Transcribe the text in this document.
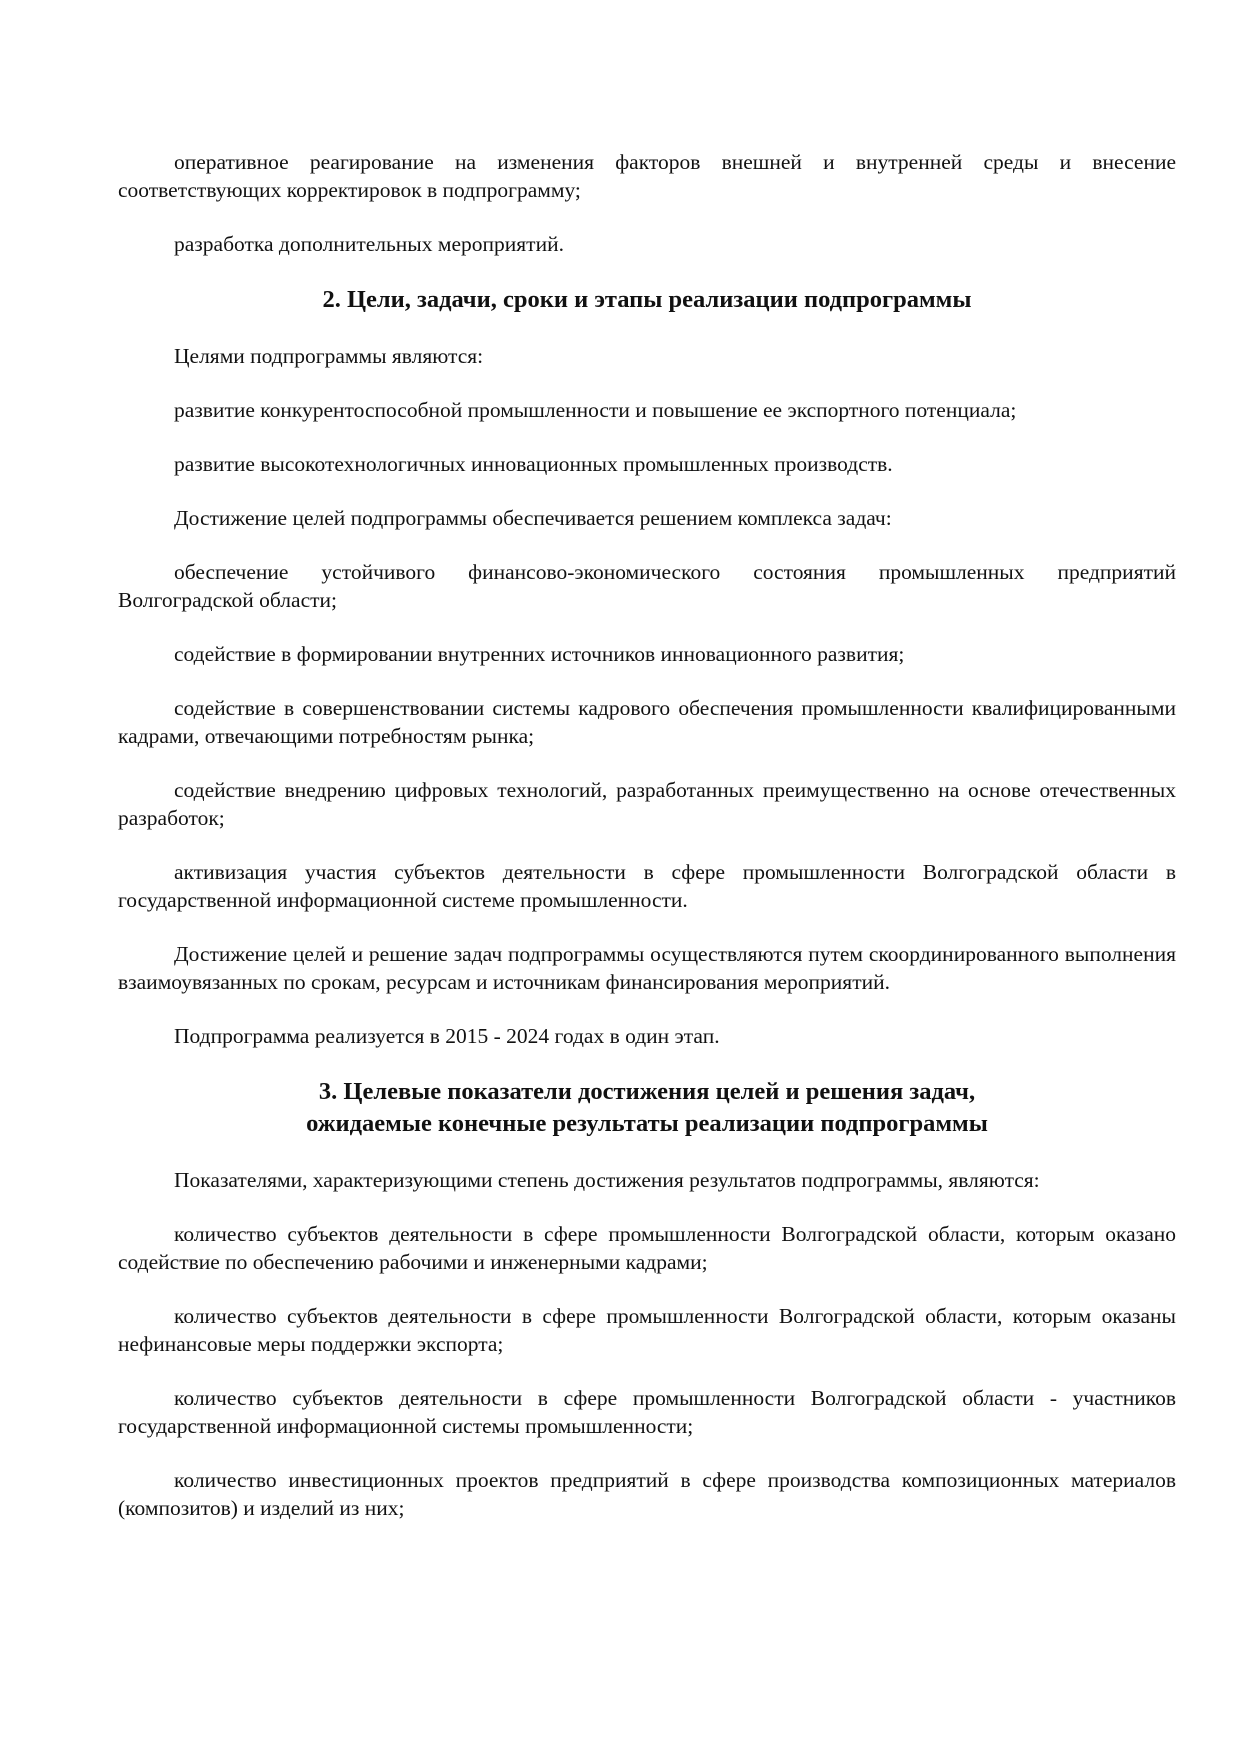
оперативное реагирование на изменения факторов внешней и внутренней среды и внесение соответствующих корректировок в подпрограмму;

разработка дополнительных мероприятий.

2. Цели, задачи, сроки и этапы реализации подпрограммы

Целями подпрограммы являются:

развитие конкурентоспособной промышленности и повышение ее экспортного потенциала;

развитие высокотехнологичных инновационных промышленных производств.

Достижение целей подпрограммы обеспечивается решением комплекса задач:

обеспечение устойчивого финансово-экономического состояния промышленных предприятий Волгоградской области;

содействие в формировании внутренних источников инновационного развития;

содействие в совершенствовании системы кадрового обеспечения промышленности квалифицированными кадрами, отвечающими потребностям рынка;

содействие внедрению цифровых технологий, разработанных преимущественно на основе отечественных разработок;

активизация участия субъектов деятельности в сфере промышленности Волгоградской области в государственной информационной системе промышленности.

Достижение целей и решение задач подпрограммы осуществляются путем скоординированного выполнения взаимоувязанных по срокам, ресурсам и источникам финансирования мероприятий.

Подпрограмма реализуется в 2015 - 2024 годах в один этап.

3. Целевые показатели достижения целей и решения задач,
ожидаемые конечные результаты реализации подпрограммы

Показателями, характеризующими степень достижения результатов подпрограммы, являются:

количество субъектов деятельности в сфере промышленности Волгоградской области, которым оказано содействие по обеспечению рабочими и инженерными кадрами;

количество субъектов деятельности в сфере промышленности Волгоградской области, которым оказаны нефинансовые меры поддержки экспорта;

количество субъектов деятельности в сфере промышленности Волгоградской области - участников государственной информационной системы промышленности;

количество инвестиционных проектов предприятий в сфере производства композиционных материалов (композитов) и изделий из них;
